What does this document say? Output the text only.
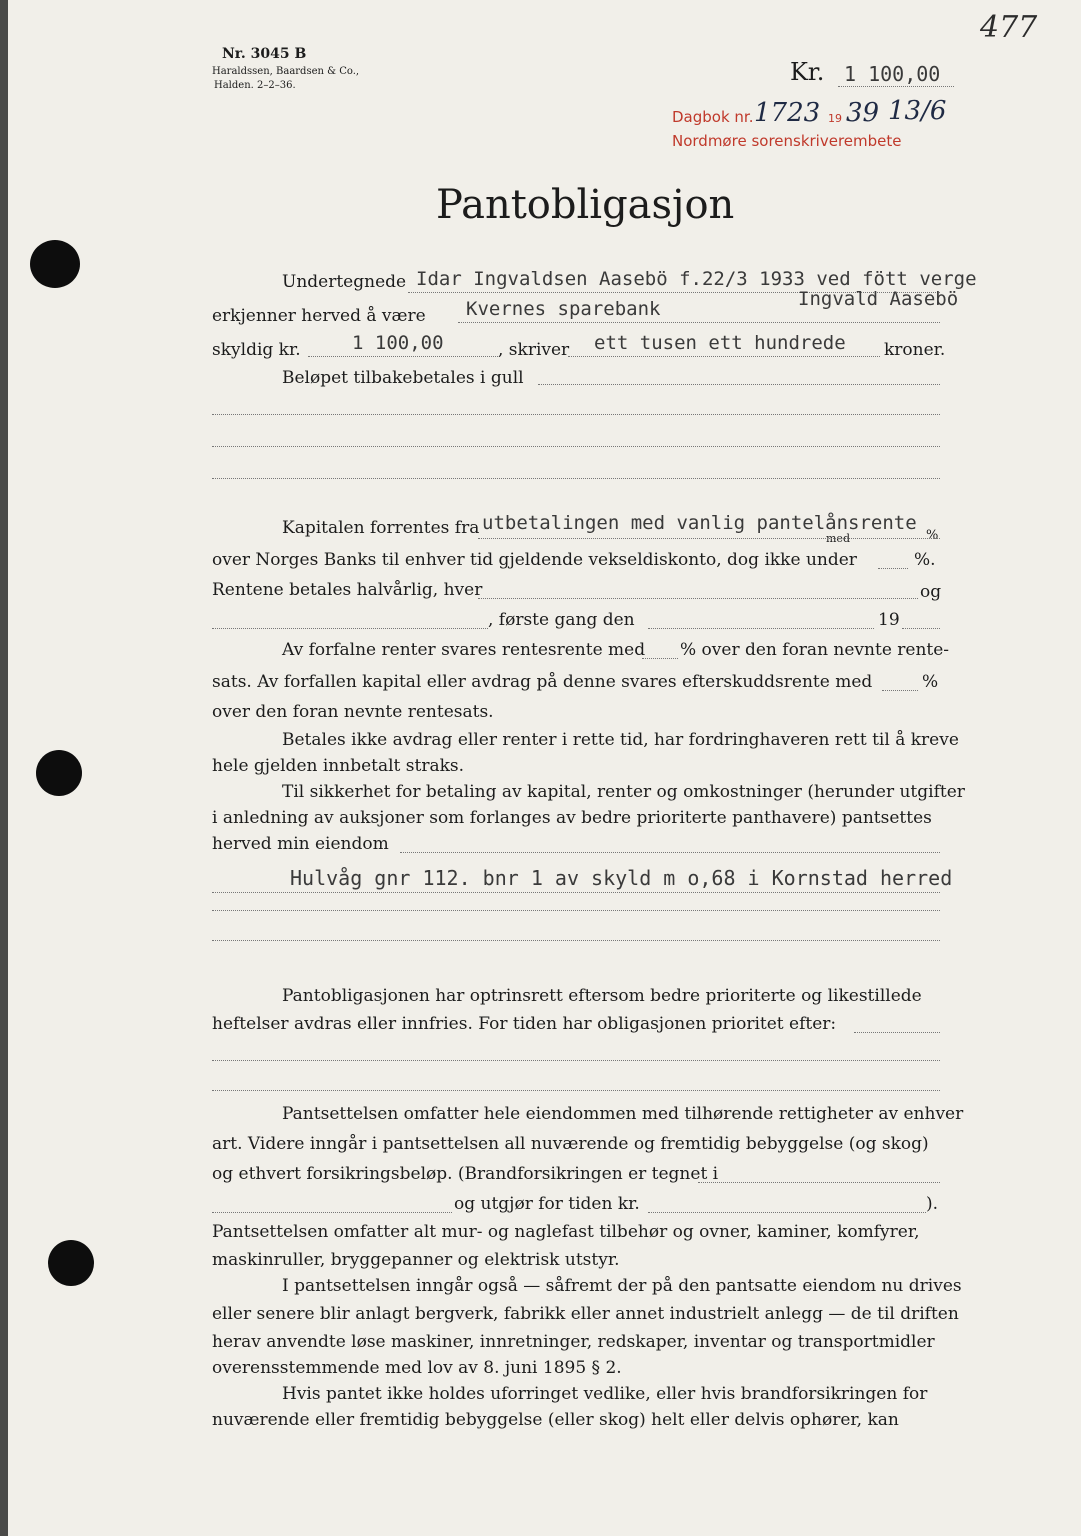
Nr. 3045 B
Haraldssen, Baardsen & Co.,
Halden. 2–2–36.
477
Kr. 1 100,00
Dagbok nr. 1723 19 39 13/6
Nordmøre sorenskriverembete
Pantobligasjon
Undertegnede Idar Ingvaldsen Aasebö f.22/3 1933 ved fött verge
erkjenner herved å være
Ingvald Aasebö
Kvernes sparebank
skyldig kr.	1 100,00	, skriver ett tusen ett hundrede kroner.
Beløpet tilbakebetales i gull
Kapitalen forrentes fra utbetalingen med vanlig pantelånsrente
med	%
over Norges Banks til enhver tid gjeldende vekseldiskonto, dog ikke under	%.
Rentene betales halvårlig, hver	og
, første gang den	19
Av forfalne renter svares rentesrente med % over den foran nevnte rente-
sats. Av forfallen kapital eller avdrag på denne svares efterskuddsrente med	%
over den foran nevnte rentesats.
Betales ikke avdrag eller renter i rette tid, har fordringhaveren rett til å kreve
hele gjelden innbetalt straks.
Til sikkerhet for betaling av kapital, renter og omkostninger (herunder utgifter
i anledning av auksjoner som forlanges av bedre prioriterte panthavere) pantsettes
herved min eiendom
Hulvåg gnr 112. bnr 1 av skyld m o,68 i Kornstad herred
Pantobligasjonen har optrinsrett eftersom bedre prioriterte og likestillede
heftelser avdras eller innfries. For tiden har obligasjonen prioritet efter:
Pantsettelsen omfatter hele eiendommen med tilhørende rettigheter av enhver
art. Videre inngår i pantsettelsen all nuværende og fremtidig bebyggelse (og skog)
og ethvert forsikringsbeløp. (Brandforsikringen er tegnet i
og utgjør for tiden kr.	).
Pantsettelsen omfatter alt mur- og naglefast tilbehør og ovner, kaminer, komfyrer,
maskinruller, bryggepanner og elektrisk utstyr.
I pantsettelsen inngår også — såfremt der på den pantsatte eiendom nu drives
eller senere blir anlagt bergverk, fabrikk eller annet industrielt anlegg — de til driften
herav anvendte løse maskiner, innretninger, redskaper, inventar og transportmidler
overensstemmende med lov av 8. juni 1895 § 2.
Hvis pantet ikke holdes uforringet vedlike, eller hvis brandforsikringen for
nuværende eller fremtidig bebyggelse (eller skog) helt eller delvis ophører, kan
